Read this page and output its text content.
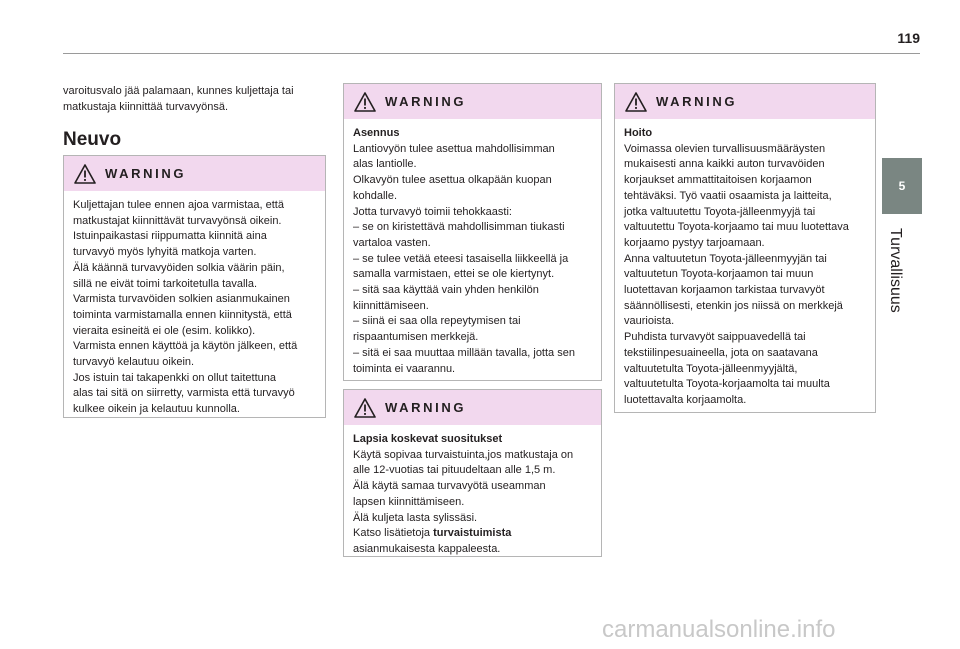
119
5
Turvallisuus
varoitusvalo jää palamaan, kunnes kuljettaja tai
matkustaja kiinnittää turvavyönsä.
Neuvo
WARNING
Kuljettajan tulee ennen ajoa varmistaa, että
matkustajat kiinnittävät turvavyönsä oikein.
Istuinpaikastasi riippumatta kiinnitä aina
turvavyö myös lyhyitä matkoja varten.
Älä käännä turvavyöiden solkia väärin päin,
sillä ne eivät toimi tarkoitetulla tavalla.
Varmista turvavöiden solkien asianmukainen
toiminta varmistamalla ennen kiinnitystä, että
vieraita esineitä ei ole (esim. kolikko).
Varmista ennen käyttöä ja käytön jälkeen, että
turvavyö kelautuu oikein.
Jos istuin tai takapenkki on ollut taitettuna
alas tai sitä on siirretty, varmista että turvavyö
kulkee oikein ja kelautuu kunnolla.
WARNING
Asennus
Lantiovyön tulee asettua mahdollisimman
alas lantiolle.
Olkavyön tulee asettua olkapään kuopan
kohdalle.
Jotta turvavyö toimii tehokkaasti:
– se on kiristettävä mahdollisimman tiukasti
vartaloa vasten.
– se tulee vetää eteesi tasaisella liikkeellä ja
samalla varmistaen, ettei se ole kiertynyt.
– sitä saa käyttää vain yhden henkilön
kiinnittämiseen.
– siinä ei saa olla repeytymisen tai
rispaantumisen merkkejä.
– sitä ei saa muuttaa millään tavalla, jotta sen
toiminta ei vaarannu.
WARNING
Lapsia koskevat suositukset
Käytä sopivaa turvaistuinta,jos matkustaja on
alle 12-vuotias tai pituudeltaan alle 1,5 m.
Älä käytä samaa turvavyötä useamman
lapsen kiinnittämiseen.
Älä kuljeta lasta sylissäsi.
Katso lisätietoja turvaistuimista
asianmukaisesta kappaleesta.
WARNING
Hoito
Voimassa olevien turvallisuusmääräysten
mukaisesti anna kaikki auton turvavöiden
korjaukset ammattitaitoisen korjaamon
tehtäväksi. Työ vaatii osaamista ja laitteita,
jotka valtuutettu Toyota-jälleenmyyjä tai
valtuutettu Toyota-korjaamo tai muu luotettava
korjaamo pystyy tarjoamaan.
Anna valtuutetun Toyota-jälleenmyyjän tai
valtuutetun Toyota-korjaamon tai muun
luotettavan korjaamon tarkistaa turvavyöt
säännöllisesti, etenkin jos niissä on merkkejä
vaurioista.
Puhdista turvavyöt saippuavedellä tai
tekstiilinpesuaineella, jota on saatavana
valtuutetulta Toyota-jälleenmyyjältä,
valtuutetulta Toyota-korjaamolta tai muulta
luotettavalta korjaamolta.
carmanualsonline.info
